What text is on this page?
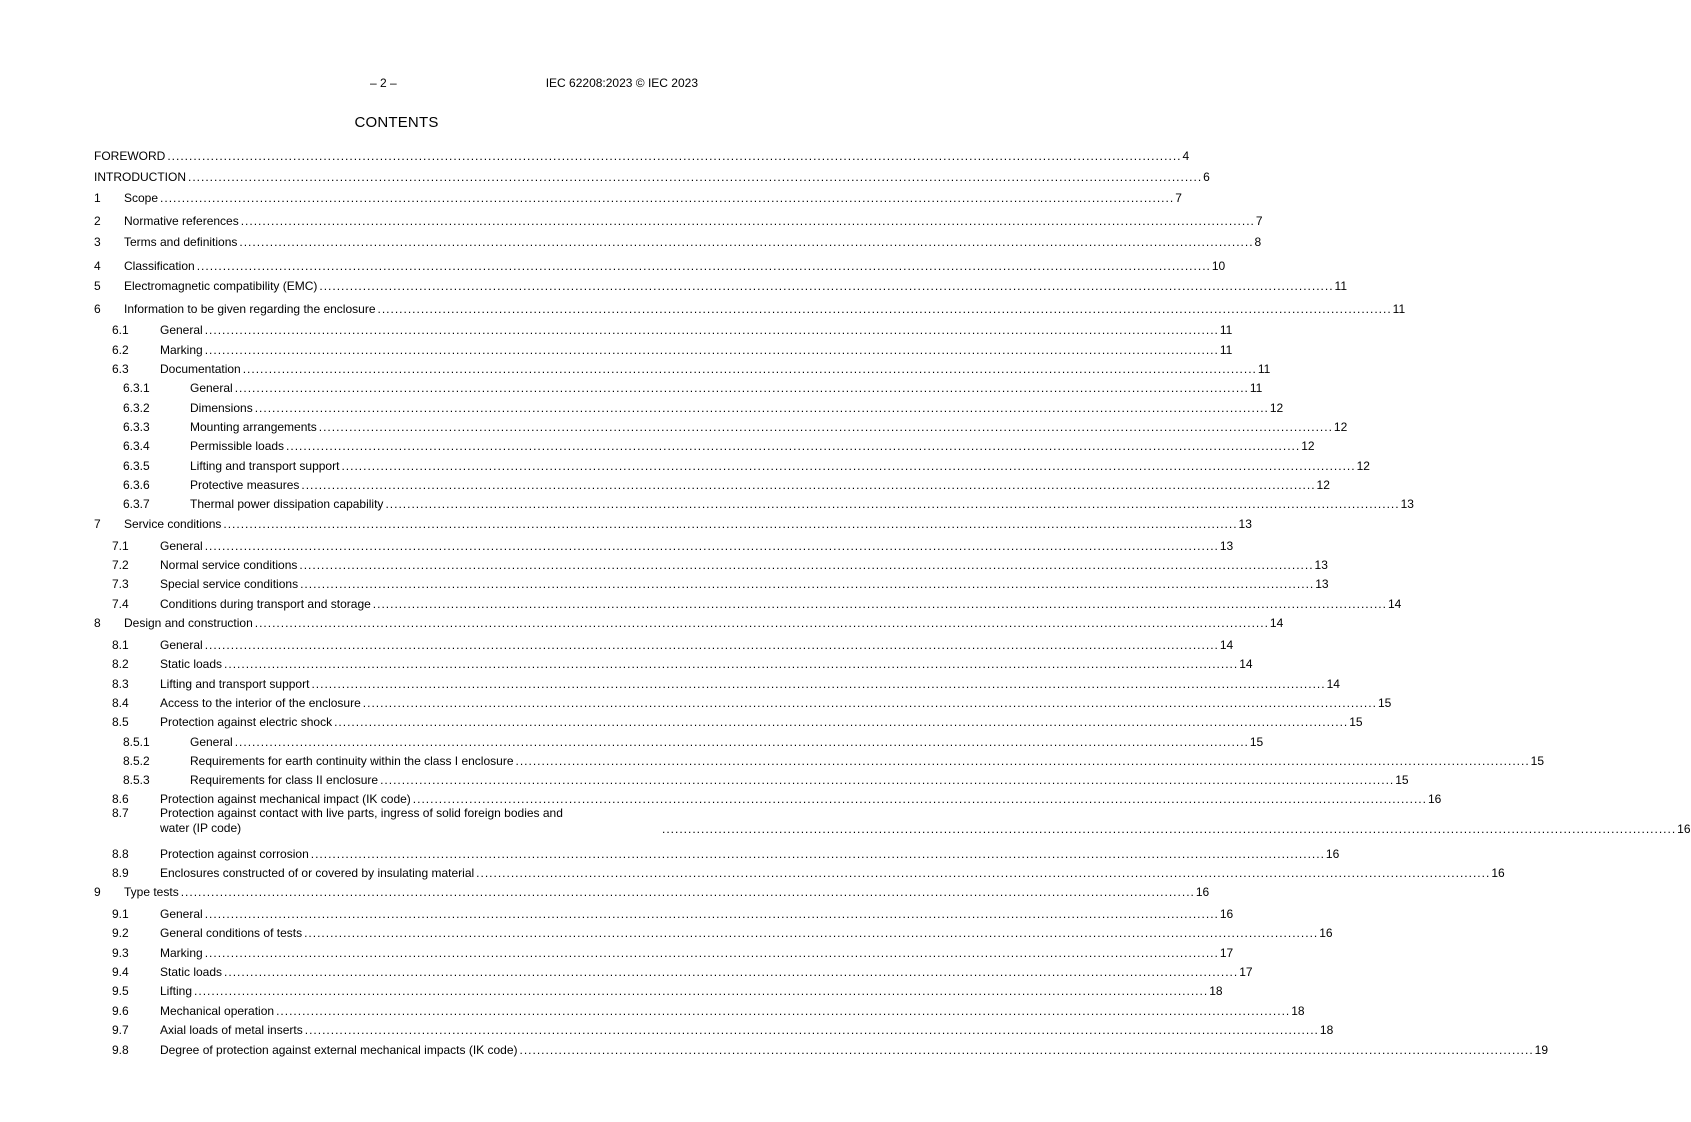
– 2 –	IEC 62208:2023 © IEC 2023
CONTENTS
FOREWORD .....	4
INTRODUCTION .....	6
1 Scope .....	7
2 Normative references .....	7
3 Terms and definitions .....	8
4 Classification .....	10
5 Electromagnetic compatibility (EMC) .....	11
6 Information to be given regarding the enclosure .....	11
6.1	General .....	11
6.2	Marking .....	11
6.3	Documentation .....	11
6.3.1	General .....	11
6.3.2	Dimensions .....	12
6.3.3	Mounting arrangements .....	12
6.3.4	Permissible loads .....	12
6.3.5	Lifting and transport support .....	12
6.3.6	Protective measures .....	12
6.3.7	Thermal power dissipation capability .....	13
7 Service conditions .....	13
7.1	General .....	13
7.2	Normal service conditions .....	13
7.3	Special service conditions .....	13
7.4	Conditions during transport and storage .....	14
8 Design and construction .....	14
8.1	General .....	14
8.2	Static loads .....	14
8.3	Lifting and transport support .....	14
8.4	Access to the interior of the enclosure .....	15
8.5	Protection against electric shock .....	15
8.5.1	General .....	15
8.5.2	Requirements for earth continuity within the class I enclosure .....	15
8.5.3	Requirements for class II enclosure .....	15
8.6	Protection against mechanical impact (IK code) .....	16
8.7	Protection against contact with live parts, ingress of solid foreign bodies and
water (IP code) .....	16
8.8	Protection against corrosion .....	16
8.9	Enclosures constructed of or covered by insulating material .....	16
9 Type tests .....	16
9.1	General .....	16
9.2	General conditions of tests .....	16
9.3	Marking .....	17
9.4	Static loads .....	17
9.5	Lifting .....	18
9.6	Mechanical operation .....	18
9.7	Axial loads of metal inserts .....	18
9.8	Degree of protection against external mechanical impacts (IK code) .....	19
